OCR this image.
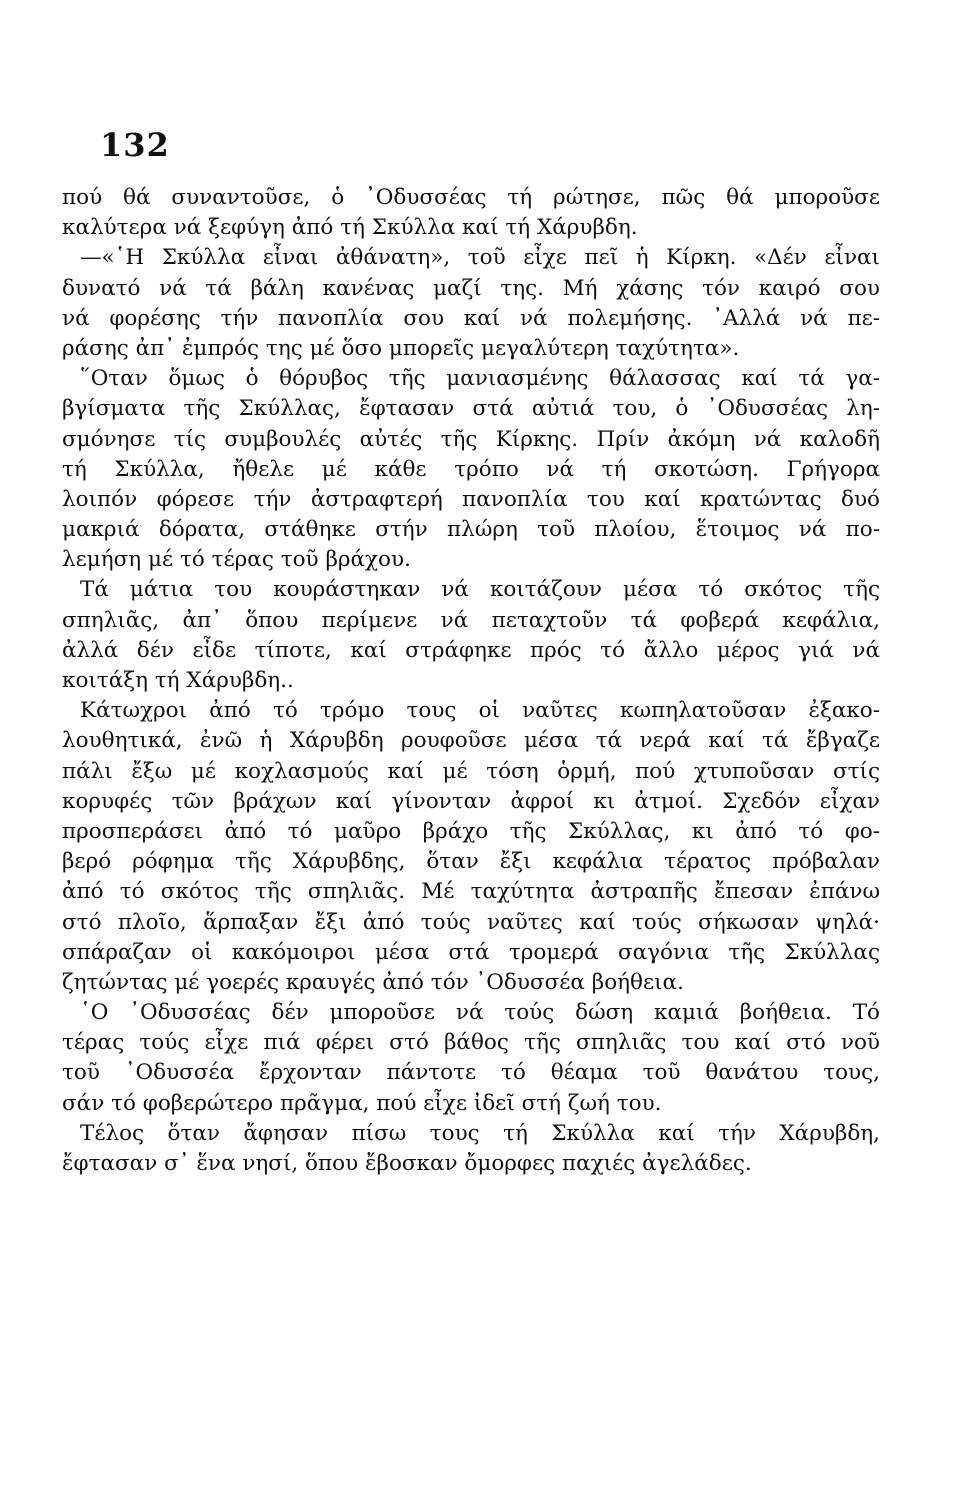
132
πού θά συναντοῦσε, ὁ ᾿Οδυσσέας τή ρώτησε, πῶς θά μποροῦσε
καλύτερα νά ξεφύγη ἀπό τή Σκύλλα καί τή Χάρυβδη.
—«῾Η Σκύλλα εἶναι ἀθάνατη», τοῦ εἶχε πεῖ ἡ Κίρκη. «Δέν εἶναι
δυνατό νά τά βάλη κανένας μαζί της. Μή χάσης τόν καιρό σου
νά φορέσης τήν πανοπλία σου καί νά πολεμήσης. ᾿Αλλά νά πε-
ράσης ἀπ᾿ ἐμπρός της μέ ὅσο μπορεῖς μεγαλύτερη ταχύτητα».
῞Οταν ὅμως ὁ θόρυβος τῆς μανιασμένης θάλασσας καί τά γα-
βγίσματα τῆς Σκύλλας, ἔφτασαν στά αὐτιά του, ὁ ᾿Οδυσσέας λη-
σμόνησε τίς συμβουλές αὐτές τῆς Κίρκης. Πρίν ἀκόμη νά καλοδῆ
τή Σκύλλα, ἤθελε μέ κάθε τρόπο νά τή σκοτώση. Γρήγορα
λοιπόν φόρεσε τήν ἀστραφτερή πανοπλία του καί κρατώντας δυό
μακριά δόρατα, στάθηκε στήν πλώρη τοῦ πλοίου, ἕτοιμος νά πο-
λεμήση μέ τό τέρας τοῦ βράχου.
Τά μάτια του κουράστηκαν νά κοιτάζουν μέσα τό σκότος τῆς
σπηλιᾶς, ἀπ᾿ ὅπου περίμενε νά πεταχτοῦν τά φοβερά κεφάλια,
ἀλλά δέν εἶδε τίποτε, καί στράφηκε πρός τό ἄλλο μέρος γιά νά
κοιτάξη τή Χάρυβδη..
Κάτωχροι ἀπό τό τρόμο τους οἱ ναῦτες κωπηλατοῦσαν ἐξακο-
λουθητικά, ἐνῶ ἡ Χάρυβδη ρουφοῦσε μέσα τά νερά καί τά ἔβγαζε
πάλι ἔξω μέ κοχλασμούς καί μέ τόση ὁρμή, πού χτυποῦσαν στίς
κορυφές τῶν βράχων καί γίνονταν ἀφροί κι ἀτμοί. Σχεδόν εἶχαν
προσπεράσει ἀπό τό μαῦρο βράχο τῆς Σκύλλας, κι ἀπό τό φο-
βερό ρόφημα τῆς Χάρυβδης, ὅταν ἔξι κεφάλια τέρατος πρόβαλαν
ἀπό τό σκότος τῆς σπηλιᾶς. Μέ ταχύτητα ἀστραπῆς ἔπεσαν ἐπάνω
στό πλοῖο, ἅρπαξαν ἔξι ἀπό τούς ναῦτες καί τούς σήκωσαν ψηλά·
σπάραζαν οἱ κακόμοιροι μέσα στά τρομερά σαγόνια τῆς Σκύλλας
ζητώντας μέ γοερές κραυγές ἀπό τόν ᾿Οδυσσέα βοήθεια.
῾Ο ᾿Οδυσσέας δέν μποροῦσε νά τούς δώση καμιά βοήθεια. Τό
τέρας τούς εἶχε πιά φέρει στό βάθος τῆς σπηλιᾶς του καί στό νοῦ
τοῦ ᾿Οδυσσέα ἔρχονταν πάντοτε τό θέαμα τοῦ θανάτου τους,
σάν τό φοβερώτερο πρᾶγμα, πού εἶχε ἰδεῖ στή ζωή του.
Τέλος ὅταν ἄφησαν πίσω τους τή Σκύλλα καί τήν Χάρυβδη,
ἔφτασαν σ᾿ ἕνα νησί, ὅπου ἔβοσκαν ὄμορφες παχιές ἀγελάδες.
